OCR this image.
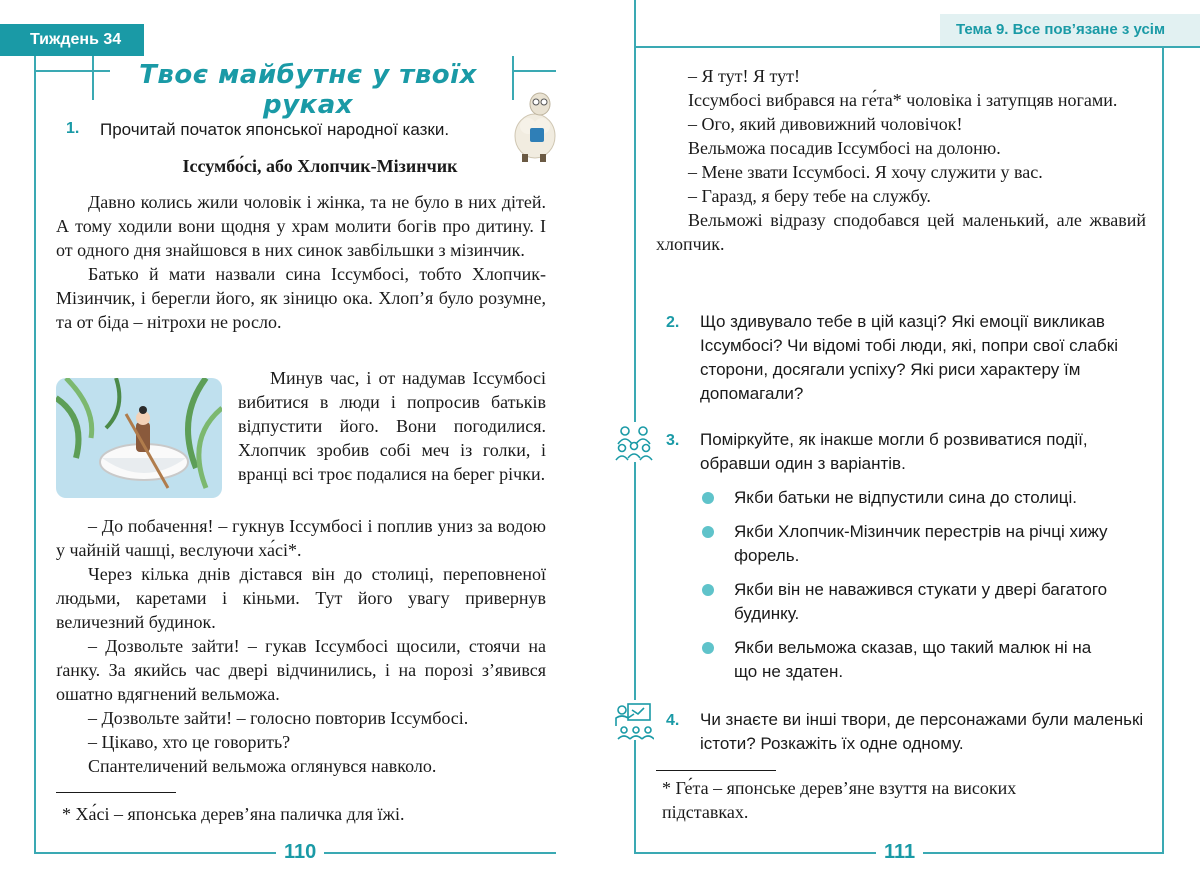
Тиждень 34
Твоє майбутнє у твоїх руках
1. Прочитай початок японської народної казки.
Іссумбо́сі, або Хлопчик-Мізинчик

Давно колись жили чоловік і жінка, та не було в них дітей. А тому ходили вони щодня у храм молити богів про дитину. І от одного дня знайшовся в них синок завбільшки з мізинчик.

Батько й мати назвали сина Іссумбосі, тобто Хлопчик-Мізинчик, і берегли його, як зіницю ока. Хлоп’я було розумне, та от біда – нітрохи не росло.

Минув час, і от надумав Іссумбосі вибитися в люди і попросив батьків відпустити його. Вони погодилися. Хлопчик зробив собі меч із голки, і вранці всі троє подалися на берег річки.

– До побачення! – гукнув Іссумбосі і поплив униз за водою у чайній чашці, веслуючи ха́сі*.

Через кілька днів дістався він до столиці, переповненої людьми, каретами і кіньми. Тут його увагу привернув величезний будинок.

– Дозвольте зайти! – гукав Іссумбосі щосили, стоячи на ґанку. За якийсь час двері відчинились, і на порозі з’явився ошатно вдягнений вельможа.

– Дозвольте зайти! – голосно повторив Іссумбосі.

– Цікаво, хто це говорить?

Спантеличений вельможа оглянувся навколо.

* Ха́сі – японська дерев’яна паличка для їжі.
110
Тема 9. Все пов’язане з усім

– Я тут! Я тут!

Іссумбосі вибрався на ге́та* чоловіка і затупцяв ногами.

– Ого, який дивовижний чоловічок!

Вельможа посадив Іссумбосі на долоню.

– Мене звати Іссумбосі. Я хочу служити у вас.

– Гаразд, я беру тебе на службу.

Вельможі відразу сподобався цей маленький, але жвавий хлопчик.

2. Що здивувало тебе в цій казці? Які емоції викликав Іссумбосі? Чи відомі тобі люди, які, попри свої слабкі сторони, досягали успіху? Які риси характеру їм допомагали?
3. Поміркуйте, як інакше могли б розвиватися події, обравши один з варіантів.
Якби батьки не відпустили сина до столиці.
Якби Хлопчик-Мізинчик перестрів на річці хижу форель.
Якби він не наважився стукати у двері багатого будинку.
Якби вельможа сказав, що такий малюк ні на що не здатен.
4. Чи знаєте ви інші твори, де персонажами були маленькі істоти? Розкажіть їх одне одному.
* Ге́та – японське дерев’яне взуття на високих підставках.
111
